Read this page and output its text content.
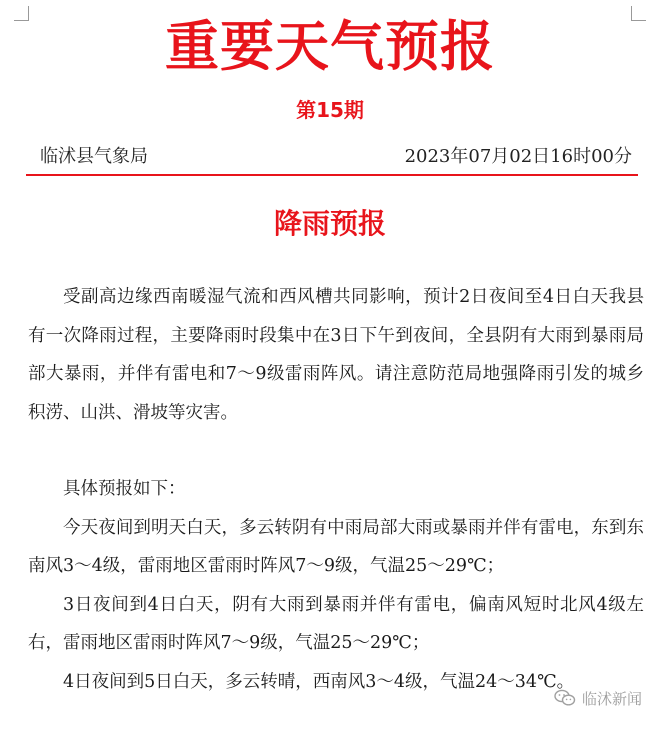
重要天气预报
第15期
临沭县气象局	2023年07月02日16时00分
降雨预报

受副高边缘西南暖湿气流和西风槽共同影响，预计2日夜间至4日白天我县有一次降雨过程，主要降雨时段集中在3日下午到夜间，全县阴有大雨到暴雨局部大暴雨，并伴有雷电和7～9级雷雨阵风。请注意防范局地强降雨引发的城乡积涝、山洪、滑坡等灾害。

具体预报如下：

今天夜间到明天白天，多云转阴有中雨局部大雨或暴雨并伴有雷电，东到东南风3～4级，雷雨地区雷雨时阵风7～9级，气温25～29℃；

3日夜间到4日白天，阴有大雨到暴雨并伴有雷电，偏南风短时北风4级左右，雷雨地区雷雨时阵风7～9级，气温25～29℃；

4日夜间到5日白天，多云转晴，西南风3～4级，气温24～34℃。

临沭新闻
